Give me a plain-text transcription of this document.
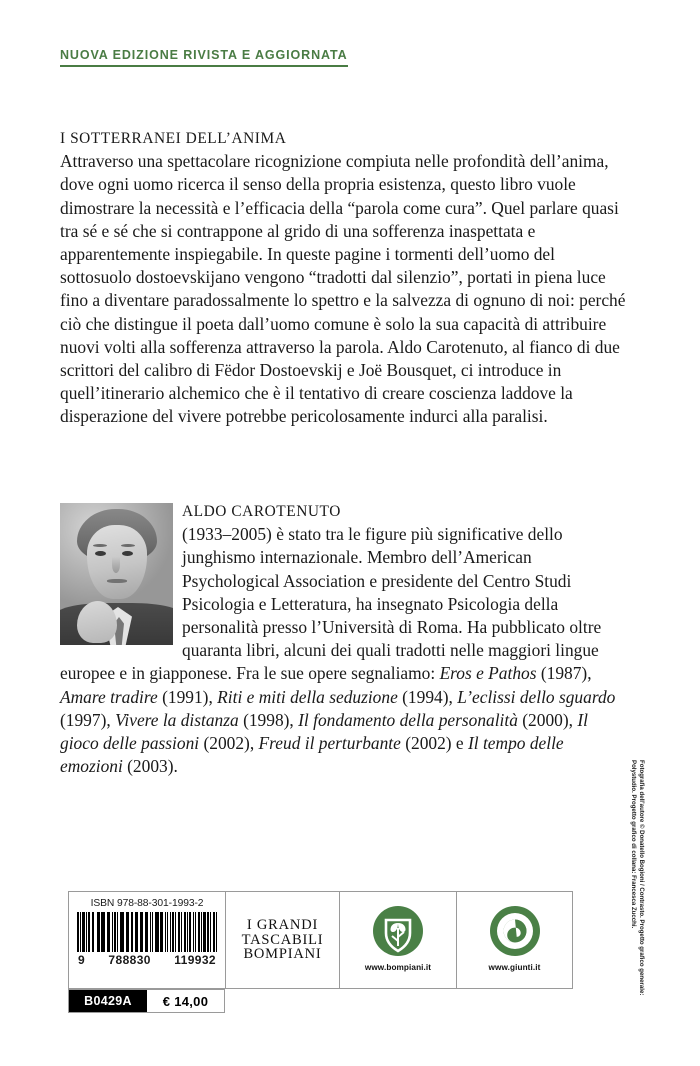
NUOVA EDIZIONE RIVISTA E AGGIORNATA
I SOTTERRANEI DELL’ANIMA
Attraverso una spettacolare ricognizione compiuta nelle profondità dell’anima, dove ogni uomo ricerca il senso della propria esistenza, questo libro vuole dimostrare la necessità e l’efficacia della “parola come cura”. Quel parlare quasi tra sé e sé che si contrappone al grido di una sofferenza inaspettata e apparentemente inspiegabile. In queste pagine i tormenti dell’uomo del sottosuolo dostoevskijano vengono “tradotti dal silenzio”, portati in piena luce fino a diventare paradossalmente lo spettro e la salvezza di ognuno di noi: perché ciò che distingue il poeta dall’uomo comune è solo la sua capacità di attribuire nuovi volti alla sofferenza attraverso la parola. Aldo Carotenuto, al fianco di due scrittori del calibro di Fëdor Dostoevskij e Joë Bousquet, ci introduce in quell’itinerario alchemico che è il tentativo di creare coscienza laddove la disperazione del vivere potrebbe pericolosamente indurci alla paralisi.
ALDO CAROTENUTO
(1933–2005) è stato tra le figure più significative dello junghismo internazionale. Membro dell’American Psychological Association e presidente del Centro Studi Psicologia e Letteratura, ha insegnato Psicologia della personalità presso l’Università di Roma. Ha pubblicato oltre quaranta libri, alcuni dei quali tradotti nelle maggiori lingue europee e in giapponese. Fra le sue opere segnaliamo: Eros e Pathos (1987), Amare tradire (1991), Riti e miti della seduzione (1994), L’eclissi dello sguardo (1997), Vivere la distanza (1998), Il fondamento della personalità (2000), Il gioco delle passioni (2002), Freud il perturbante (2002) e Il tempo delle emozioni (2003).	Fotografia dell’autore © Donatello Bogioni / Contrasto. Progetto grafico generale: Polystudio. Progetto grafico di collana: Francesca Zucchi.
ISBN 978-88-301-1993-2
9 788830 119932
B0429A	€ 14,00
I GRANDI
TASCABILI
BOMPIANI
www.bompiani.it	www.giunti.it
